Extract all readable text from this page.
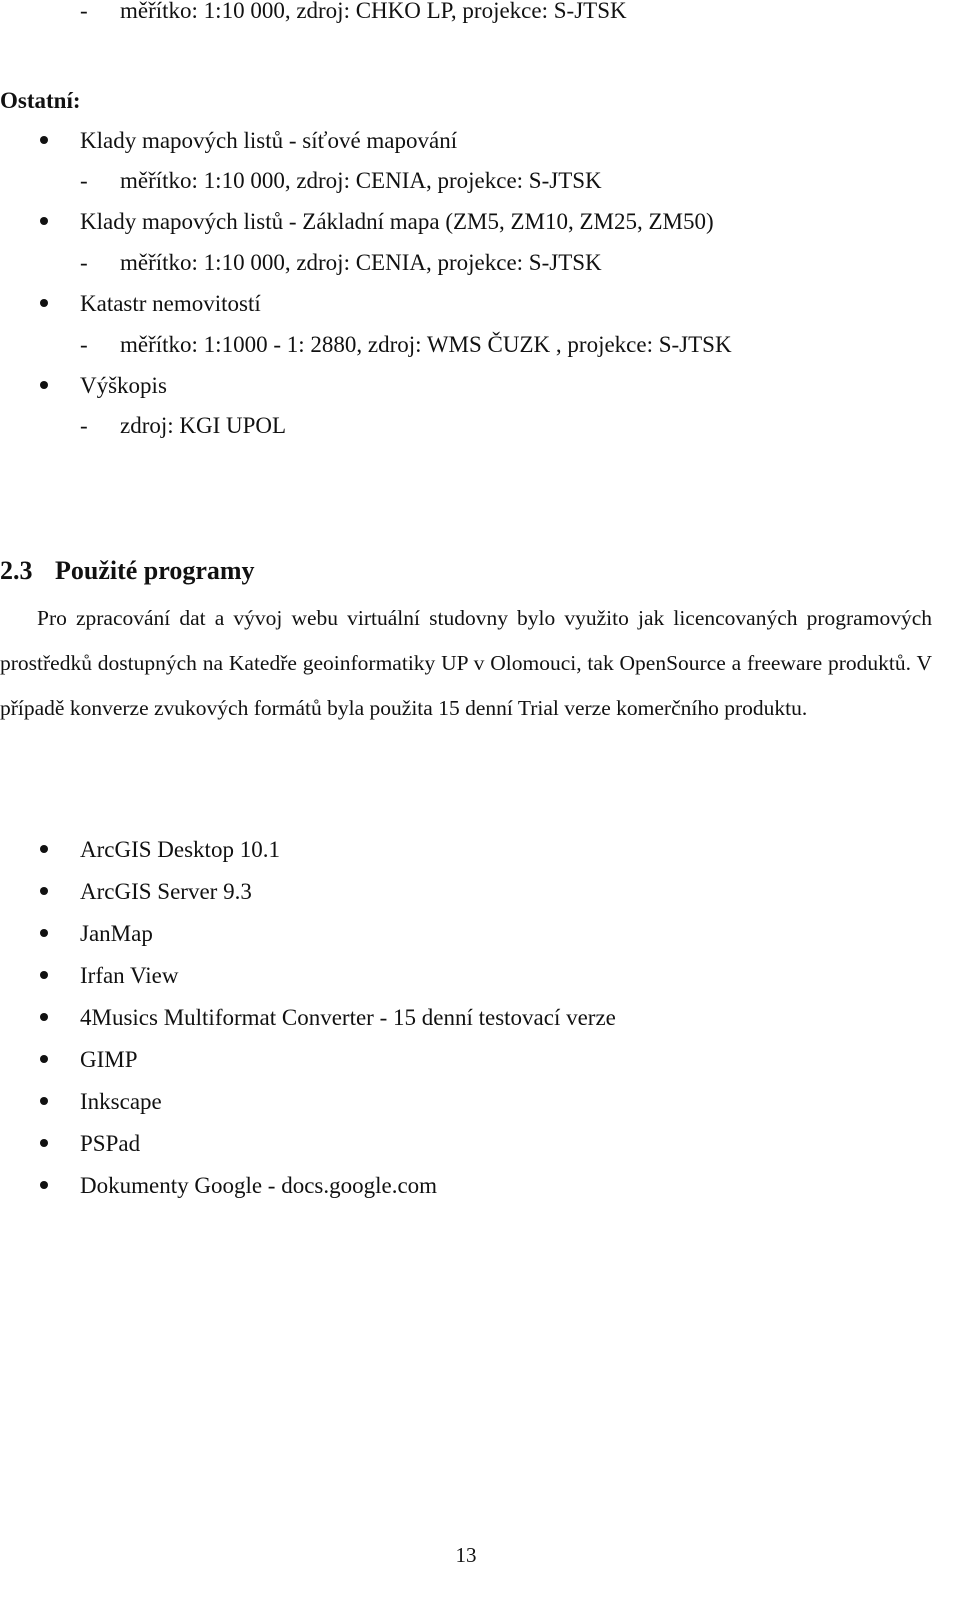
- měřítko: 1:10 000, zdroj: CHKO LP, projekce: S-JTSK
Ostatní:
Klady mapových listů - síťové mapování
- měřítko: 1:10 000, zdroj: CENIA, projekce: S-JTSK
Klady mapových listů - Základní mapa (ZM5, ZM10, ZM25, ZM50)
- měřítko: 1:10 000, zdroj: CENIA, projekce: S-JTSK
Katastr nemovitostí
- měřítko: 1:1000 - 1: 2880, zdroj: WMS ČUZK , projekce: S-JTSK
Výškopis
- zdroj: KGI UPOL
2.3 Použité programy
Pro zpracování dat a vývoj webu virtuální studovny bylo využito jak licencovaných programových prostředků dostupných na Katedře geoinformatiky UP v Olomouci, tak OpenSource a freeware produktů. V případě konverze zvukových formátů byla použita 15 denní Trial verze komerčního produktu.
ArcGIS Desktop 10.1
ArcGIS Server 9.3
JanMap
Irfan View
4Musics Multiformat Converter - 15 denní testovací verze
GIMP
Inkscape
PSPad
Dokumenty Google - docs.google.com
13
